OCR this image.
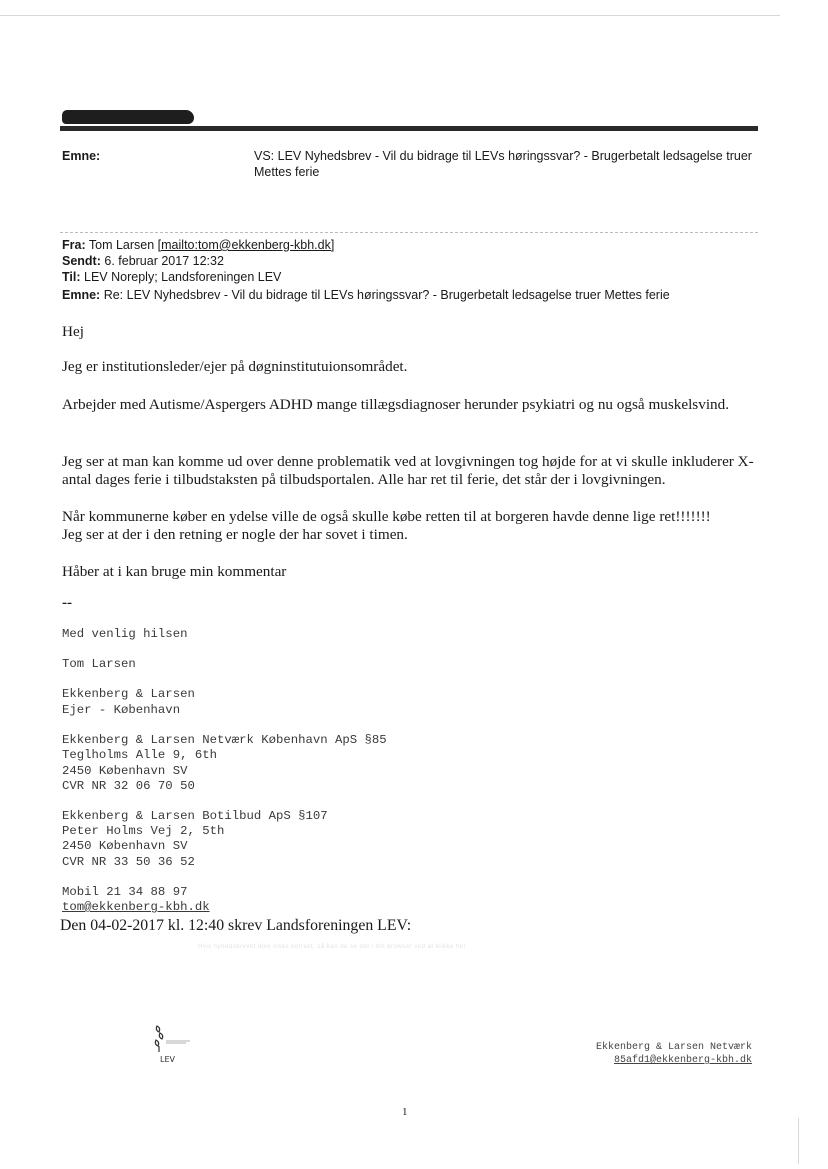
Emne:	VS: LEV Nyhedsbrev - Vil du bidrage til LEVs høringssvar? - Brugerbetalt ledsagelse truer Mettes ferie
Fra: Tom Larsen [mailto:tom@ekkenberg-kbh.dk]
Sendt: 6. februar 2017 12:32
Til: LEV Noreply; Landsforeningen LEV
Emne: Re: LEV Nyhedsbrev - Vil du bidrage til LEVs høringssvar? - Brugerbetalt ledsagelse truer Mettes ferie
Hej
Jeg er institutionsleder/ejer på døgninstitutuionsområdet.
Arbejder med Autisme/Aspergers ADHD mange tillægsdiagnoser herunder psykiatri og nu også muskelsvind.
Jeg ser at man kan komme ud over denne problematik ved at lovgivningen tog højde for at vi skulle inkluderer X-antal dages ferie i tilbudstaksten på tilbudsportalen. Alle har ret til ferie, det står der i lovgivningen.
Når kommunerne køber en ydelse ville de også skulle købe retten til at borgeren havde denne lige ret!!!!!!!
Jeg ser at der i den retning er nogle der har sovet i timen.
Håber at i kan bruge min kommentar
--
Med venlig hilsen
Tom Larsen
Ekkenberg & Larsen
Ejer - København
Ekkenberg & Larsen Netværk København ApS §85
Teglholms Alle 9, 6th
2450 København SV
CVR NR 32 06 70 50
Ekkenberg & Larsen Botilbud ApS §107
Peter Holms Vej 2, 5th
2450 København SV
CVR NR 33 50 36 52
Mobil 21 34 88 97
tom@ekkenberg-kbh.dk
Den 04-02-2017 kl. 12:40 skrev Landsforeningen LEV:
Hvis nyhedsbrevet ikke vises korrekt, så kan du se det i din browser ved at klikke her
LEV
Ekkenberg & Larsen Netværk
85afd1@ekkenberg-kbh.dk
1
